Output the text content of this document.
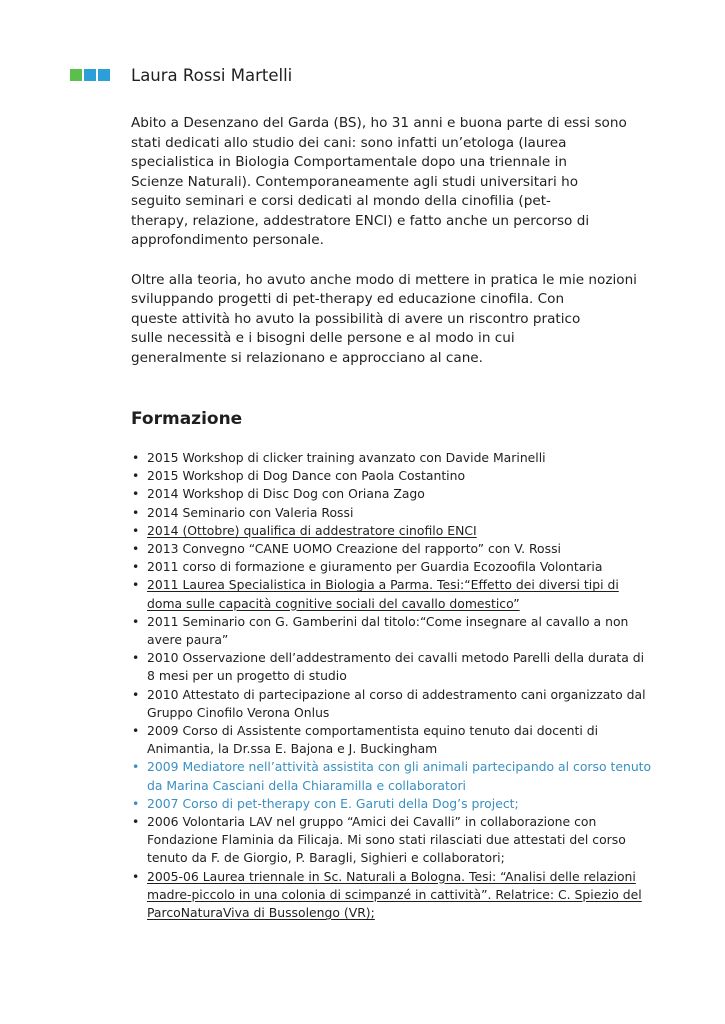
Laura Rossi Martelli

Abito a Desenzano del Garda (BS), ho 31 anni e buona parte di essi sono
stati dedicati allo studio dei cani: sono infatti un’etologa (laurea
specialistica in Biologia Comportamentale dopo una triennale in
Scienze Naturali). Contemporaneamente agli studi universitari ho
seguito seminari e corsi dedicati al mondo della cinofilia (pet-
therapy, relazione, addestratore ENCI) e fatto anche un percorso di
approfondimento personale.

Oltre alla teoria, ho avuto anche modo di mettere in pratica le mie nozioni
sviluppando progetti di pet-therapy ed educazione cinofila. Con
queste attività ho avuto la possibilità di avere un riscontro pratico
sulle necessità e i bisogni delle persone e al modo in cui
generalmente si relazionano e approcciano al cane.

Formazione
• 2015 Workshop di clicker training avanzato con Davide Marinelli
• 2015 Workshop di Dog Dance con Paola Costantino
• 2014 Workshop di Disc Dog con Oriana Zago
• 2014 Seminario con Valeria Rossi
• 2014 (Ottobre) qualifica di addestratore cinofilo ENCI
• 2013 Convegno “CANE UOMO Creazione del rapporto” con V. Rossi
• 2011 corso di formazione e giuramento per Guardia Ecozoofila Volontaria
• 2011 Laurea Specialistica in Biologia a Parma. Tesi:“Effetto dei diversi tipi di
doma sulle capacità cognitive sociali del cavallo domestico”
• 2011 Seminario con G. Gamberini dal titolo:“Come insegnare al cavallo a non
avere paura”
• 2010 Osservazione dell’addestramento dei cavalli metodo Parelli della durata di
8 mesi per un progetto di studio
• 2010 Attestato di partecipazione al corso di addestramento cani organizzato dal
Gruppo Cinofilo Verona Onlus
• 2009 Corso di Assistente comportamentista equino tenuto dai docenti di
Animantia, la Dr.ssa E. Bajona e J. Buckingham
• 2009 Mediatore nell’attività assistita con gli animali partecipando al corso tenuto
da Marina Casciani della Chiaramilla e collaboratori
• 2007 Corso di pet-therapy con E. Garuti della Dog’s project;
• 2006 Volontaria LAV nel gruppo “Amici dei Cavalli” in collaborazione con
Fondazione Flaminia da Filicaja. Mi sono stati rilasciati due attestati del corso
tenuto da F. de Giorgio, P. Baragli, Sighieri e collaboratori;
• 2005-06 Laurea triennale in Sc. Naturali a Bologna. Tesi: “Analisi delle relazioni
madre-piccolo in una colonia di scimpanzé in cattività”. Relatrice: C. Spiezio del
ParcoNaturaViva di Bussolengo (VR);
